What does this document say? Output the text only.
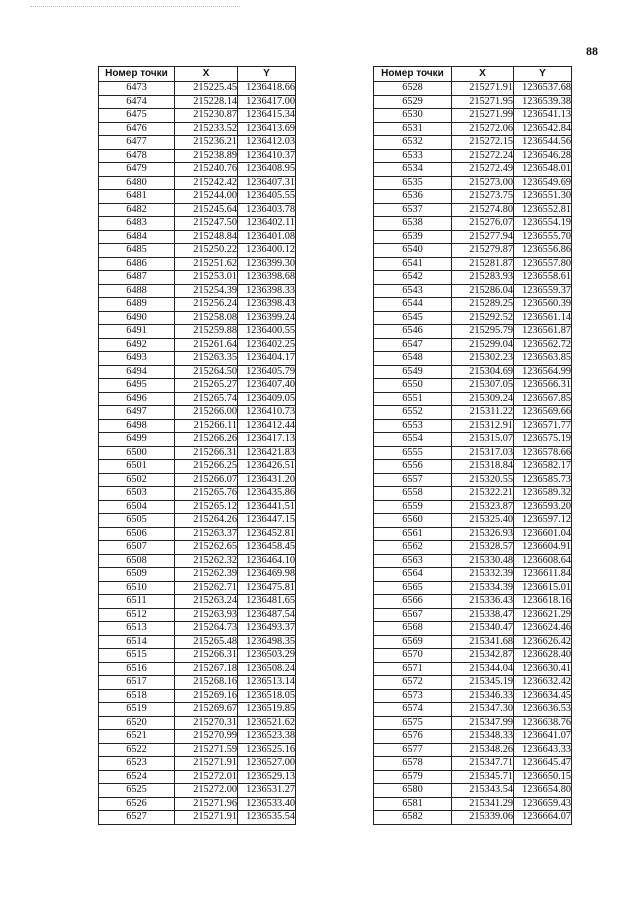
88
Номер точки	X	Y
6473	215225.45	1236418.66
6474	215228.14	1236417.00
6475	215230.87	1236415.34
6476	215233.52	1236413.69
6477	215236.21	1236412.03
6478	215238.89	1236410.37
6479	215240.76	1236408.95
6480	215242.42	1236407.31
6481	215244.00	1236405.55
6482	215245.64	1236403.78
6483	215247.50	1236402.11
6484	215248.84	1236401.08
6485	215250.22	1236400.12
6486	215251.62	1236399.30
6487	215253.01	1236398.68
6488	215254.39	1236398.33
6489	215256.24	1236398.43
6490	215258.08	1236399.24
6491	215259.88	1236400.55
6492	215261.64	1236402.25
6493	215263.35	1236404.17
6494	215264.50	1236405.79
6495	215265.27	1236407.40
6496	215265.74	1236409.05
6497	215266.00	1236410.73
6498	215266.11	1236412.44
6499	215266.26	1236417.13
6500	215266.31	1236421.83
6501	215266.25	1236426.51
6502	215266.07	1236431.20
6503	215265.76	1236435.86
6504	215265.12	1236441.51
6505	215264.26	1236447.15
6506	215263.37	1236452.81
6507	215262.65	1236458.45
6508	215262.32	1236464.10
6509	215262.39	1236469.98
6510	215262.71	1236475.81
6511	215263.24	1236481.65
6512	215263.93	1236487.54
6513	215264.73	1236493.37
6514	215265.48	1236498.35
6515	215266.31	1236503.29
6516	215267.18	1236508.24
6517	215268.16	1236513.14
6518	215269.16	1236518.05
6519	215269.67	1236519.85
6520	215270.31	1236521.62
6521	215270.99	1236523.38
6522	215271.59	1236525.16
6523	215271.91	1236527.00
6524	215272.01	1236529.13
6525	215272.00	1236531.27
6526	215271.96	1236533.40
6527	215271.91	1236535.54
Номер точки	X	Y
6528	215271.91	1236537.68
6529	215271.95	1236539.38
6530	215271.99	1236541.13
6531	215272.06	1236542.84
6532	215272.15	1236544.56
6533	215272.24	1236546.28
6534	215272.49	1236548.01
6535	215273.00	1236549.69
6536	215273.75	1236551.30
6537	215274.80	1236552.81
6538	215276.07	1236554.19
6539	215277.94	1236555.70
6540	215279.87	1236556.86
6541	215281.87	1236557.80
6542	215283.93	1236558.61
6543	215286.04	1236559.37
6544	215289.25	1236560.39
6545	215292.52	1236561.14
6546	215295.79	1236561.87
6547	215299.04	1236562.72
6548	215302.23	1236563.85
6549	215304.69	1236564.99
6550	215307.05	1236566.31
6551	215309.24	1236567.85
6552	215311.22	1236569.66
6553	215312.91	1236571.77
6554	215315.07	1236575.19
6555	215317.03	1236578.66
6556	215318.84	1236582.17
6557	215320.55	1236585.73
6558	215322.21	1236589.32
6559	215323.87	1236593.20
6560	215325.40	1236597.12
6561	215326.93	1236601.04
6562	215328.57	1236604.91
6563	215330.48	1236608.64
6564	215332.39	1236611.84
6565	215334.39	1236615.01
6566	215336.43	1236618.16
6567	215338.47	1236621.29
6568	215340.47	1236624.46
6569	215341.68	1236626.42
6570	215342.87	1236628.40
6571	215344.04	1236630.41
6572	215345.19	1236632.42
6573	215346.33	1236634.45
6574	215347.30	1236636.53
6575	215347.99	1236638.76
6576	215348.33	1236641.07
6577	215348.26	1236643.33
6578	215347.71	1236645.47
6579	215345.71	1236650.15
6580	215343.54	1236654.80
6581	215341.29	1236659.43
6582	215339.06	1236664.07
